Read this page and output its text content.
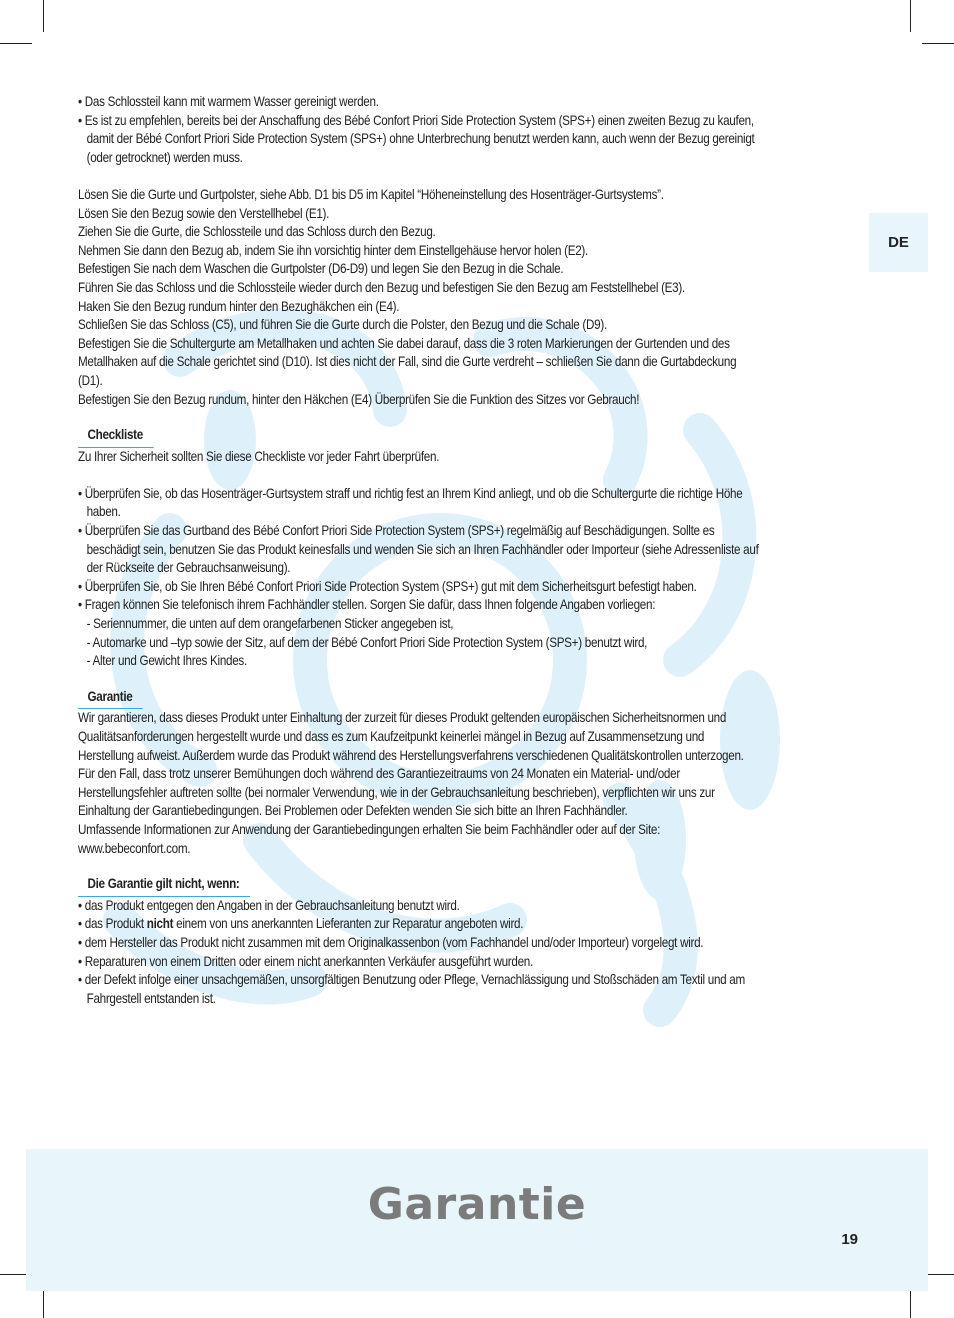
DE

• Das Schlossteil kann mit warmem Wasser gereinigt werden.

• Es ist zu empfehlen, bereits bei der Anschaffung des Bébé Confort Priori Side Protection System (SPS+) einen zweiten Bezug zu kaufen, damit der Bébé Confort Priori Side Protection System (SPS+) ohne Unterbrechung benutzt werden kann, auch wenn der Bezug gereinigt (oder getrocknet) werden muss.

Lösen Sie die Gurte und Gurtpolster, siehe Abb. D1 bis D5 im Kapitel “Höheneinstellung des Hosenträger-Gurtsystems”.

Lösen Sie den Bezug sowie den Verstellhebel (E1).

Ziehen Sie die Gurte, die Schlossteile und das Schloss durch den Bezug.

Nehmen Sie dann den Bezug ab, indem Sie ihn vorsichtig hinter dem Einstellgehäuse hervor holen (E2).

Befestigen Sie nach dem Waschen die Gurtpolster (D6-D9) und legen Sie den Bezug in die Schale.

Führen Sie das Schloss und die Schlossteile wieder durch den Bezug und befestigen Sie den Bezug am Feststellhebel (E3).

Haken Sie den Bezug rundum hinter den Bezughäkchen ein (E4).

Schließen Sie das Schloss (C5), und führen Sie die Gurte durch die Polster, den Bezug und die Schale (D9).

Befestigen Sie die Schultergurte am Metallhaken und achten Sie dabei darauf, dass die 3 roten Markierungen der Gurtenden und des Metallhaken auf die Schale gerichtet sind (D10). Ist dies nicht der Fall, sind die Gurte verdreht – schließen Sie dann die Gurtabdeckung (D1).

Befestigen Sie den Bezug rundum, hinter den Häkchen (E4) Überprüfen Sie die Funktion des Sitzes vor Gebrauch!

Checkliste

Zu Ihrer Sicherheit sollten Sie diese Checkliste vor jeder Fahrt überprüfen.

• Überprüfen Sie, ob das Hosenträger-Gurtsystem straff und richtig fest an Ihrem Kind anliegt, und ob die Schultergurte die richtige Höhe haben.

• Überprüfen Sie das Gurtband des Bébé Confort Priori Side Protection System (SPS+) regelmäßig auf Beschädigungen. Sollte es beschädigt sein, benutzen Sie das Produkt keinesfalls und wenden Sie sich an Ihren Fachhändler oder Importeur (siehe Adressenliste auf der Rückseite der Gebrauchsanweisung).

• Überprüfen Sie, ob Sie Ihren Bébé Confort Priori Side Protection System (SPS+) gut mit dem Sicherheitsgurt befestigt haben.

• Fragen können Sie telefonisch ihrem Fachhändler stellen. Sorgen Sie dafür, dass Ihnen folgende Angaben vorliegen:

- Seriennummer, die unten auf dem orangefarbenen Sticker angegeben ist,

- Automarke und –typ sowie der Sitz, auf dem der Bébé Confort Priori Side Protection System (SPS+) benutzt wird,

- Alter und Gewicht Ihres Kindes.

Garantie

Wir garantieren, dass dieses Produkt unter Einhaltung der zurzeit für dieses Produkt geltenden europäischen Sicherheitsnormen und Qualitätsanforderungen hergestellt wurde und dass es zum Kaufzeitpunkt keinerlei mängel in Bezug auf Zusammensetzung und Herstellung aufweist. Außerdem wurde das Produkt während des Herstellungsverfahrens verschiedenen Qualitätskontrollen unterzogen. Für den Fall, dass trotz unserer Bemühungen doch während des Garantiezeitraums von 24 Monaten ein Material- und/oder Herstellungsfehler auftreten sollte (bei normaler Verwendung, wie in der Gebrauchsanleitung beschrieben), verpflichten wir uns zur Einhaltung der Garantiebedingungen. Bei Problemen oder Defekten wenden Sie sich bitte an Ihren Fachhändler.

Umfassende Informationen zur Anwendung der Garantiebedingungen erhalten Sie beim Fachhändler oder auf der Site:

www.bebeconfort.com.

Die Garantie gilt nicht, wenn:

• das Produkt entgegen den Angaben in der Gebrauchsanleitung benutzt wird.

• das Produkt nicht einem von uns anerkannten Lieferanten zur Reparatur angeboten wird.

• dem Hersteller das Produkt nicht zusammen mit dem Originalkassenbon (vom Fachhandel und/oder Importeur) vorgelegt wird.

• Reparaturen von einem Dritten oder einem nicht anerkannten Verkäufer ausgeführt wurden.

• der Defekt infolge einer unsachgemäßen, unsorgfältigen Benutzung oder Pflege, Vernachlässigung und Stoßschäden am Textil und am Fahrgestell entstanden ist.

Garantie
19
